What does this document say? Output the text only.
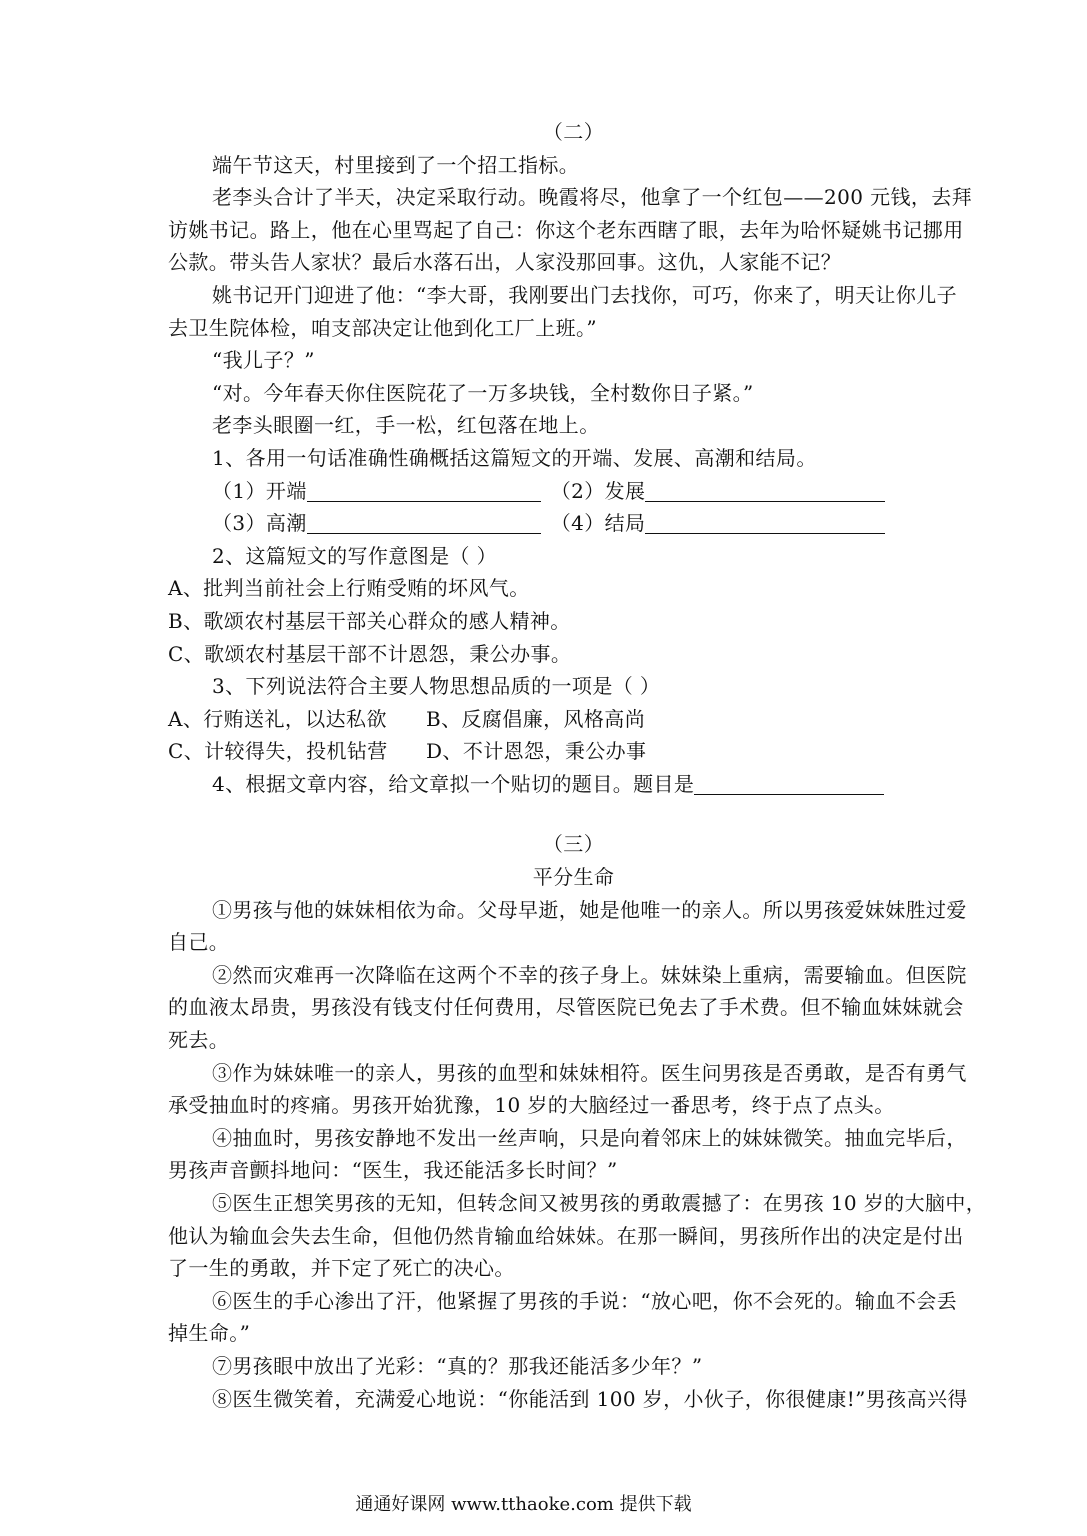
（二）
端午节这天，村里接到了一个招工指标。
老李头合计了半天，决定采取行动。晚霞将尽，他拿了一个红包——200 元钱，去拜
访姚书记。路上，他在心里骂起了自己：你这个老东西瞎了眼，去年为哈怀疑姚书记挪用
公款。带头告人家状？最后水落石出，人家没那回事。这仇，人家能不记？
姚书记开门迎进了他：“李大哥，我刚要出门去找你，可巧，你来了，明天让你儿子
去卫生院体检，咱支部决定让他到化工厂上班。”
“我儿子？”
“对。今年春天你住医院花了一万多块钱，全村数你日子紧。”
老李头眼圈一红，手一松，红包落在地上。
1、各用一句话准确性确概括这篇短文的开端、发展、高潮和结局。
（1）开端	（2）发展
（3）高潮	（4）结局
2、这篇短文的写作意图是（ ）
A、批判当前社会上行贿受贿的坏风气。
B、歌颂农村基层干部关心群众的感人精神。
C、歌颂农村基层干部不计恩怨，秉公办事。
3、下列说法符合主要人物思想品质的一项是（ ）
A、行贿送礼，以达私欲 B、反腐倡廉，风格高尚
C、计较得失，投机钻营 D、不计恩怨，秉公办事
4、根据文章内容，给文章拟一个贴切的题目。题目是
（三）
平分生命
①男孩与他的妹妹相依为命。父母早逝，她是他唯一的亲人。所以男孩爱妹妹胜过爱
自己。
②然而灾难再一次降临在这两个不幸的孩子身上。妹妹染上重病，需要输血。但医院
的血液太昂贵，男孩没有钱支付任何费用，尽管医院已免去了手术费。但不输血妹妹就会
死去。
③作为妹妹唯一的亲人，男孩的血型和妹妹相符。医生问男孩是否勇敢，是否有勇气
承受抽血时的疼痛。男孩开始犹豫，10 岁的大脑经过一番思考，终于点了点头。
④抽血时，男孩安静地不发出一丝声响，只是向着邻床上的妹妹微笑。抽血完毕后，
男孩声音颤抖地问：“医生，我还能活多长时间？”
⑤医生正想笑男孩的无知，但转念间又被男孩的勇敢震撼了：在男孩 10 岁的大脑中，
他认为输血会失去生命，但他仍然肯输血给妹妹。在那一瞬间，男孩所作出的决定是付出
了一生的勇敢，并下定了死亡的决心。
⑥医生的手心渗出了汗，他紧握了男孩的手说：“放心吧，你不会死的。输血不会丢
掉生命。”
⑦男孩眼中放出了光彩：“真的？那我还能活多少年？”
⑧医生微笑着，充满爱心地说：“你能活到 100 岁，小伙子，你很健康!”男孩高兴得
通通好课网 www.tthaoke.com 提供下载
